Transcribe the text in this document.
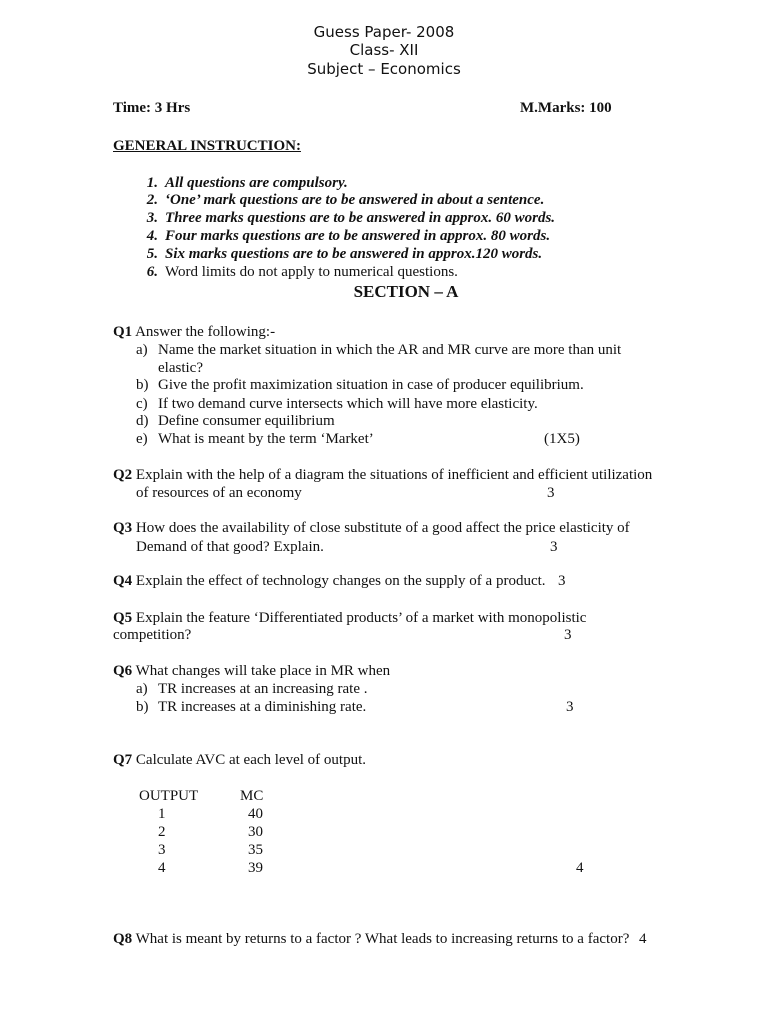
Guess Paper- 2008
Class- XII
Subject – Economics
Time: 3 Hrs	M.Marks: 100
GENERAL INSTRUCTION:
1. All questions are compulsory.
2. ‘One’ mark questions are to be answered in about a sentence.
3. Three marks questions are to be answered in approx. 60 words.
4. Four marks questions are to be answered in approx. 80 words.
5. Six marks questions are to be answered in approx.120 words.
6. Word limits do not apply to numerical questions.
SECTION – A
Q1 Answer the following:-
a) Name the market situation in which the AR and MR curve are more than unit
elastic?
b) Give the profit maximization situation in case of producer equilibrium.
c) If two demand curve intersects which will have more elasticity.
d) Define consumer equilibrium
e) What is meant by the term ‘Market’	(1X5)
Q2 Explain with the help of a diagram the situations of inefficient and efficient utilization
of resources of an economy	3
Q3 How does the availability of close substitute of a good affect the price elasticity of
Demand of that good? Explain.	3
Q4 Explain the effect of technology changes on the supply of a product. 3
Q5 Explain the feature ‘Differentiated products’ of a market with monopolistic
competition?	3
Q6 What changes will take place in MR when
a) TR increases at an increasing rate .
b) TR increases at a diminishing rate.	3
Q7 Calculate AVC at each level of output.
OUTPUT	MC
1	40
2	30
3	35
4	39	4
Q8 What is meant by returns to a factor ? What leads to increasing returns to a factor? 4
